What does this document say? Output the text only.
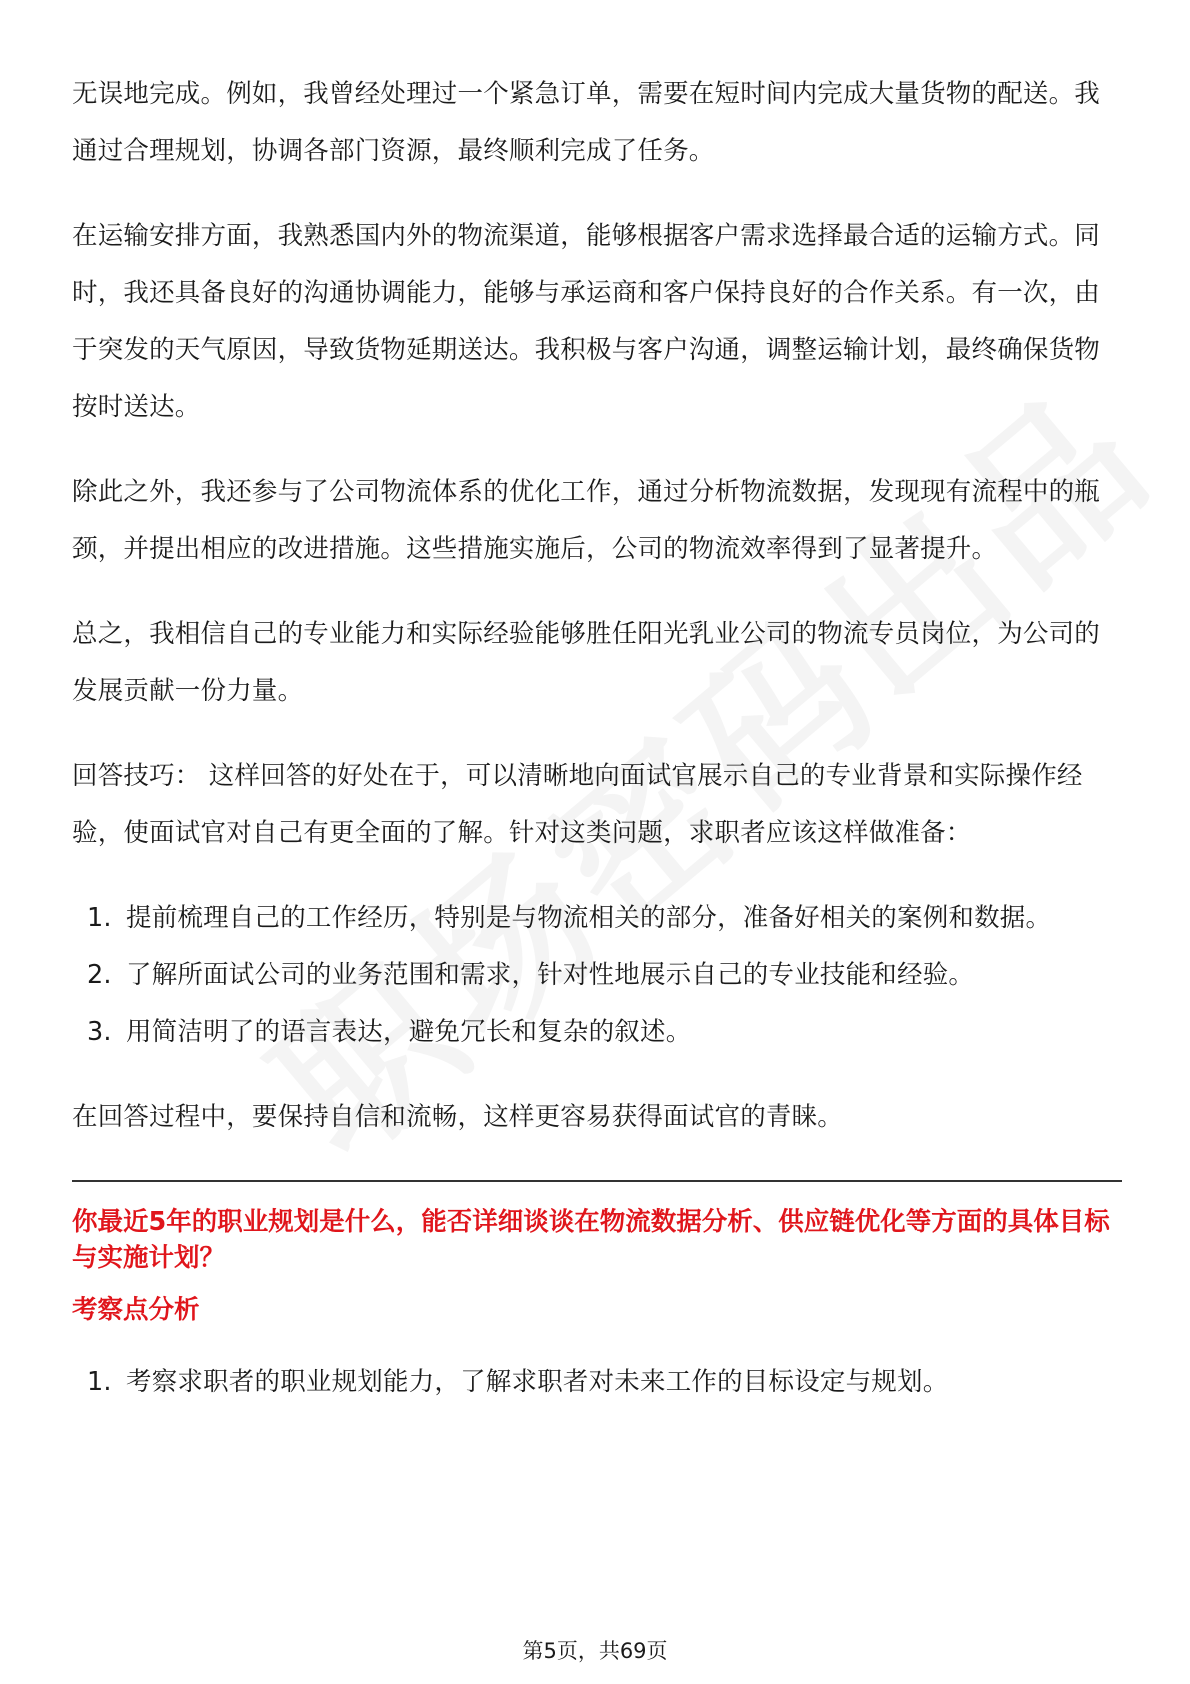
无误地完成。例如，我曾经处理过一个紧急订单，需要在短时间内完成大量货物的配送。我通过合理规划，协调各部门资源，最终顺利完成了任务。

在运输安排方面，我熟悉国内外的物流渠道，能够根据客户需求选择最合适的运输方式。同时，我还具备良好的沟通协调能力，能够与承运商和客户保持良好的合作关系。有一次，由于突发的天气原因，导致货物延期送达。我积极与客户沟通，调整运输计划，最终确保货物按时送达。

除此之外，我还参与了公司物流体系的优化工作，通过分析物流数据，发现现有流程中的瓶颈，并提出相应的改进措施。这些措施实施后，公司的物流效率得到了显著提升。

总之，我相信自己的专业能力和实际经验能够胜任阳光乳业公司的物流专员岗位，为公司的发展贡献一份力量。

回答技巧： 这样回答的好处在于，可以清晰地向面试官展示自己的专业背景和实际操作经验，使面试官对自己有更全面的了解。针对这类问题，求职者应该这样做准备：

1. 提前梳理自己的工作经历，特别是与物流相关的部分，准备好相关的案例和数据。
2. 了解所面试公司的业务范围和需求，针对性地展示自己的专业技能和经验。
3. 用简洁明了的语言表达，避免冗长和复杂的叙述。

在回答过程中，要保持自信和流畅，这样更容易获得面试官的青睐。

你最近5年的职业规划是什么，能否详细谈谈在物流数据分析、供应链优化等方面的具体目标与实施计划？
考察点分析
1. 考察求职者的职业规划能力，了解求职者对未来工作的目标设定与规划。
第5页，共69页
